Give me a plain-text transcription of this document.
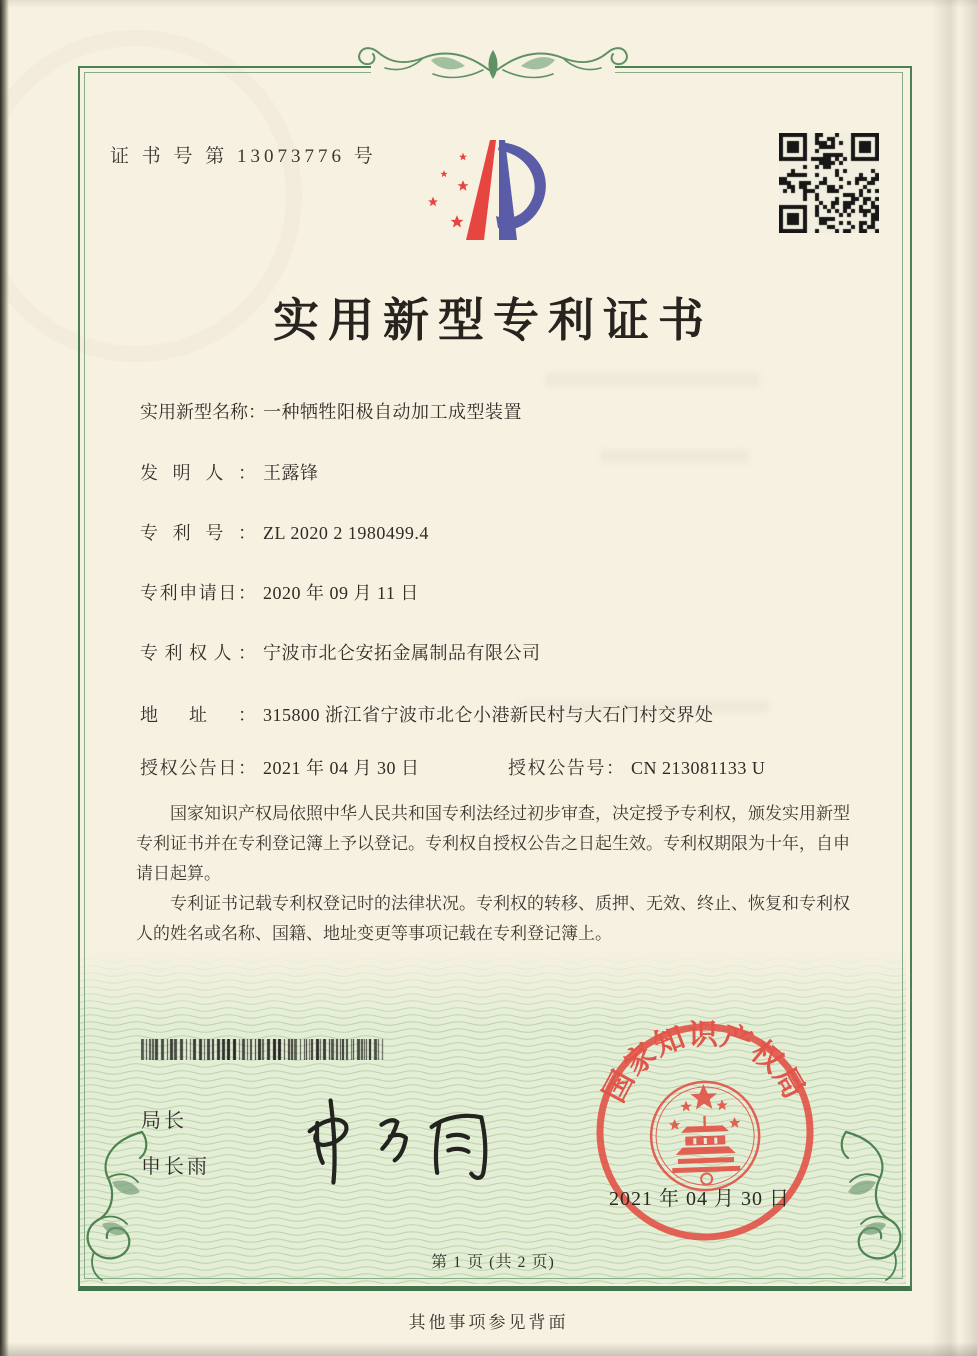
证 书 号 第 13073776 号
实用新型专利证书
实用新型名称：一种牺牲阳极自动加工成型装置
发明人： 王露锋
专利号： ZL 2020 2 1980499.4
专利申请日： 2020 年 09 月 11 日
专利权人： 宁波市北仑安拓金属制品有限公司
地址： 315800 浙江省宁波市北仑小港新民村与大石门村交界处
授权公告日： 2021 年 04 月 30 日	授权公告号： CN 213081133 U

国家知识产权局依照中华人民共和国专利法经过初步审查，决定授予专利权，颁发实用新型专利证书并在专利登记簿上予以登记。专利权自授权公告之日起生效。专利权期限为十年，自申请日起算。

专利证书记载专利权登记时的法律状况。专利权的转移、质押、无效、终止、恢复和专利权人的姓名或名称、国籍、地址变更等事项记载在专利登记簿上。

局长
申长雨
国家知识产权局
2021 年 04 月 30 日
第 1 页 (共 2 页)
其他事项参见背面
